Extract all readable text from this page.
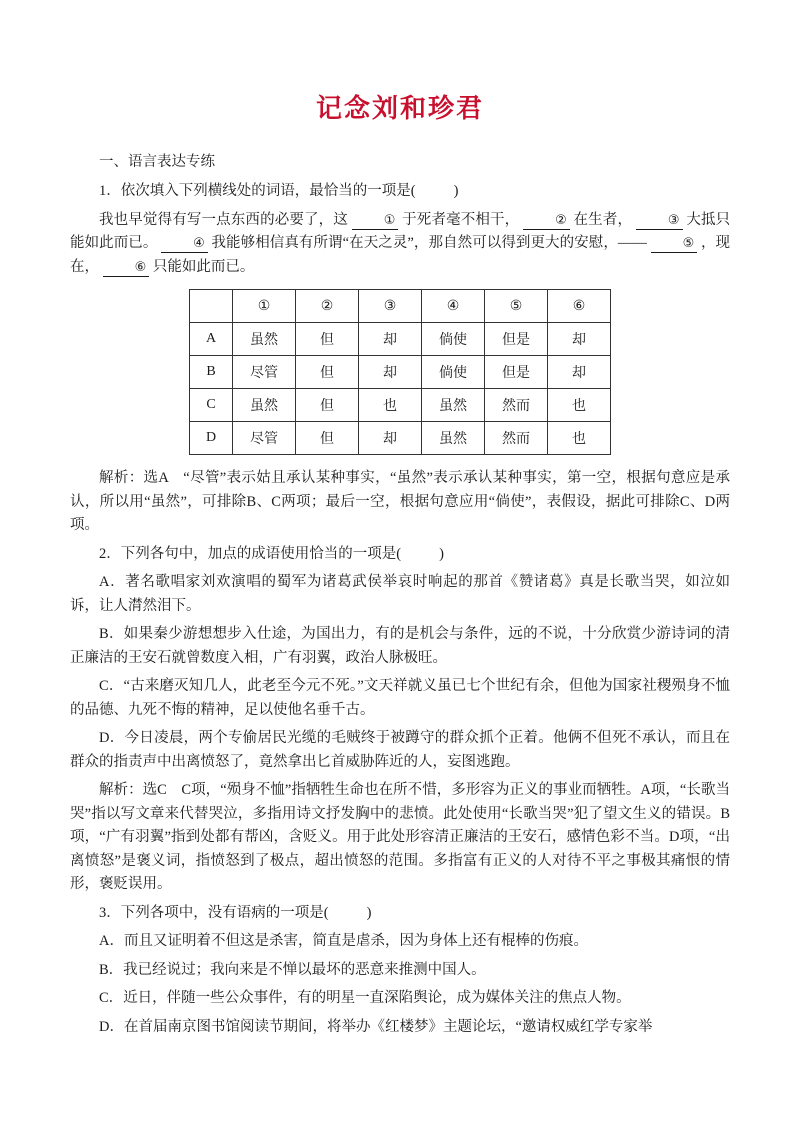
记念刘和珍君

一、语言表达专练

1．依次填入下列横线处的词语，最恰当的一项是(	)

我也早觉得有写一点东西的必要了，这	① 于死者毫不相干，	② 在生者，	③ 大抵只能如此而已。	④ 我能够相信真有所谓“在天之灵”，那自然可以得到更大的安慰，——	⑤ ，现在，	⑥ 只能如此而已。

	①	②	③	④	⑤	⑥
A	虽然	但	却	倘使	但是	却
B	尽管	但	却	倘使	但是	却
C	虽然	但	也	虽然	然而	也
D	尽管	但	却	虽然	然而	也

解析：选A　“尽管”表示姑且承认某种事实，“虽然”表示承认某种事实，第一空，根据句意应是承认，所以用“虽然”，可排除B、C两项；最后一空，根据句意应用“倘使”，表假设，据此可排除C、D两项。

2．下列各句中，加点的成语使用恰当的一项是(	)

A．著名歌唱家刘欢演唱的蜀军为诸葛武侯举哀时响起的那首《赞诸葛》真是长歌当哭，如泣如诉，让人潸然泪下。

B．如果秦少游想想步入仕途，为国出力，有的是机会与条件，远的不说，十分欣赏少游诗词的清正廉洁的王安石就曾数度入相，广有羽翼，政治人脉极旺。

C．“古来磨灭知几人，此老至今元不死。”文天祥就义虽已七个世纪有余，但他为国家社稷殒身不恤的品德、九死不悔的精神，足以使他名垂千古。

D．今日凌晨，两个专偷居民光缆的毛贼终于被蹲守的群众抓个正着。他俩不但死不承认，而且在群众的指责声中出离愤怒了，竟然拿出匕首威胁阵近的人，妄图逃跑。

解析：选C　C项，“殒身不恤”指牺牲生命也在所不惜，多形容为正义的事业而牺牲。A项，“长歌当哭”指以写文章来代替哭泣，多指用诗文抒发胸中的悲愤。此处使用“长歌当哭”犯了望文生义的错误。B项，“广有羽翼”指到处都有帮凶，含贬义。用于此处形容清正廉洁的王安石，感情色彩不当。D项，“出离愤怒”是褒义词，指愤怒到了极点，超出愤怒的范围。多指富有正义的人对待不平之事极其痛恨的情形，褒贬误用。

3．下列各项中，没有语病的一项是(	)

A．而且又证明着不但这是杀害，简直是虐杀，因为身体上还有棍棒的伤痕。

B．我已经说过；我向来是不惮以最坏的恶意来推测中国人。

C．近日，伴随一些公众事件，有的明星一直深陷舆论，成为媒体关注的焦点人物。

D．在首届南京图书馆阅读节期间，将举办《红楼梦》主题论坛，“邀请权威红学专家举
